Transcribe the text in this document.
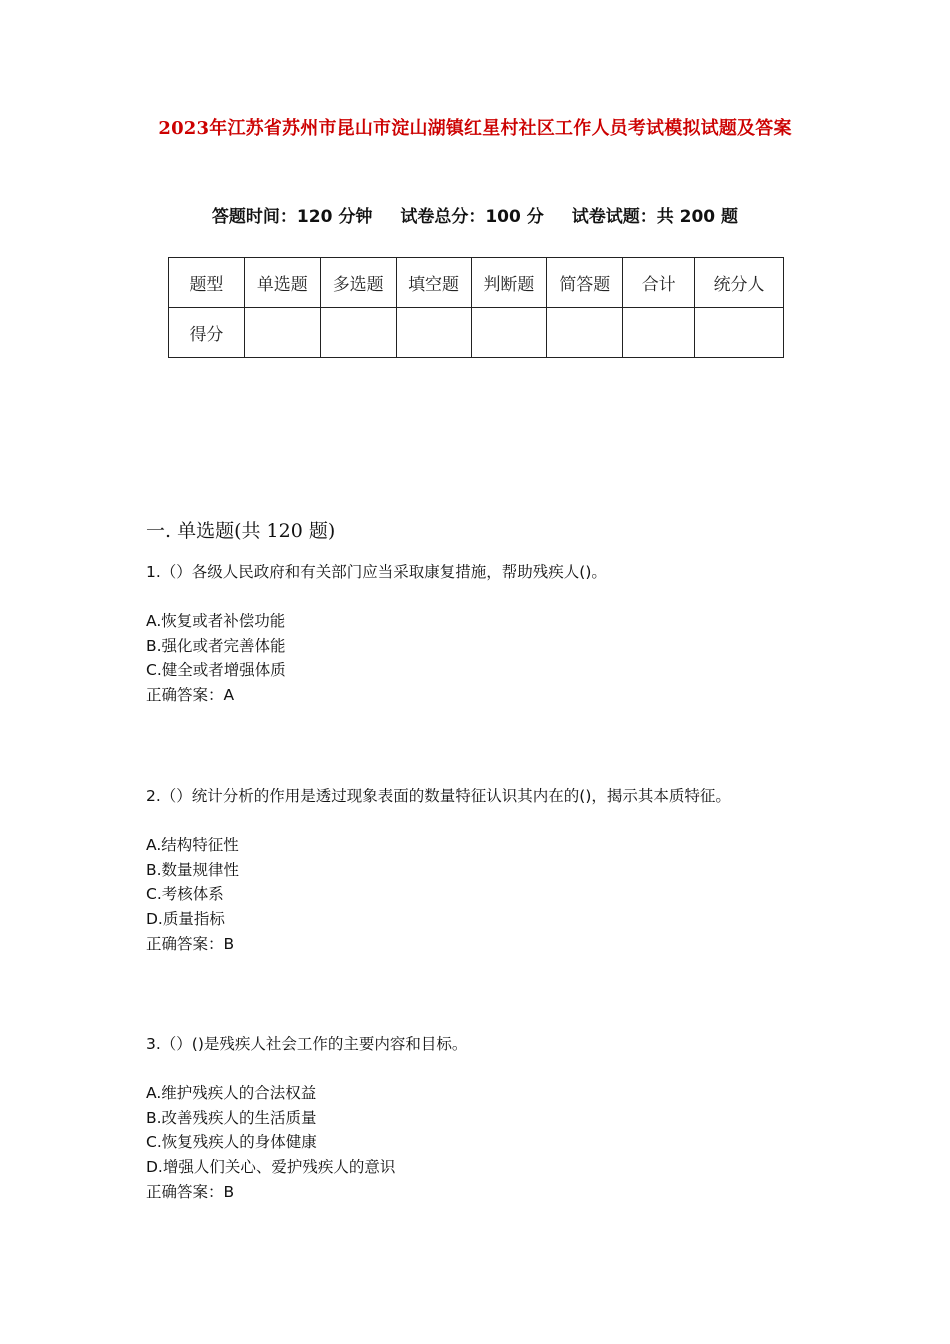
2023年江苏省苏州市昆山市淀山湖镇红星村社区工作人员考试模拟试题及答案
答题时间：120 分钟 试卷总分：100 分 试卷试题：共 200 题
题型	单选题	多选题	填空题	判断题	简答题	合计	统分人
得分							
一. 单选题(共 120 题)
1.（）各级人民政府和有关部门应当采取康复措施，帮助残疾人()。
A.恢复或者补偿功能
B.强化或者完善体能
C.健全或者增强体质
正确答案：A
2.（）统计分析的作用是透过现象表面的数量特征认识其内在的()，揭示其本质特征。
A.结构特征性
B.数量规律性
C.考核体系
D.质量指标
正确答案：B
3.（）()是残疾人社会工作的主要内容和目标。
A.维护残疾人的合法权益
B.改善残疾人的生活质量
C.恢复残疾人的身体健康
D.增强人们关心、爱护残疾人的意识
正确答案：B
